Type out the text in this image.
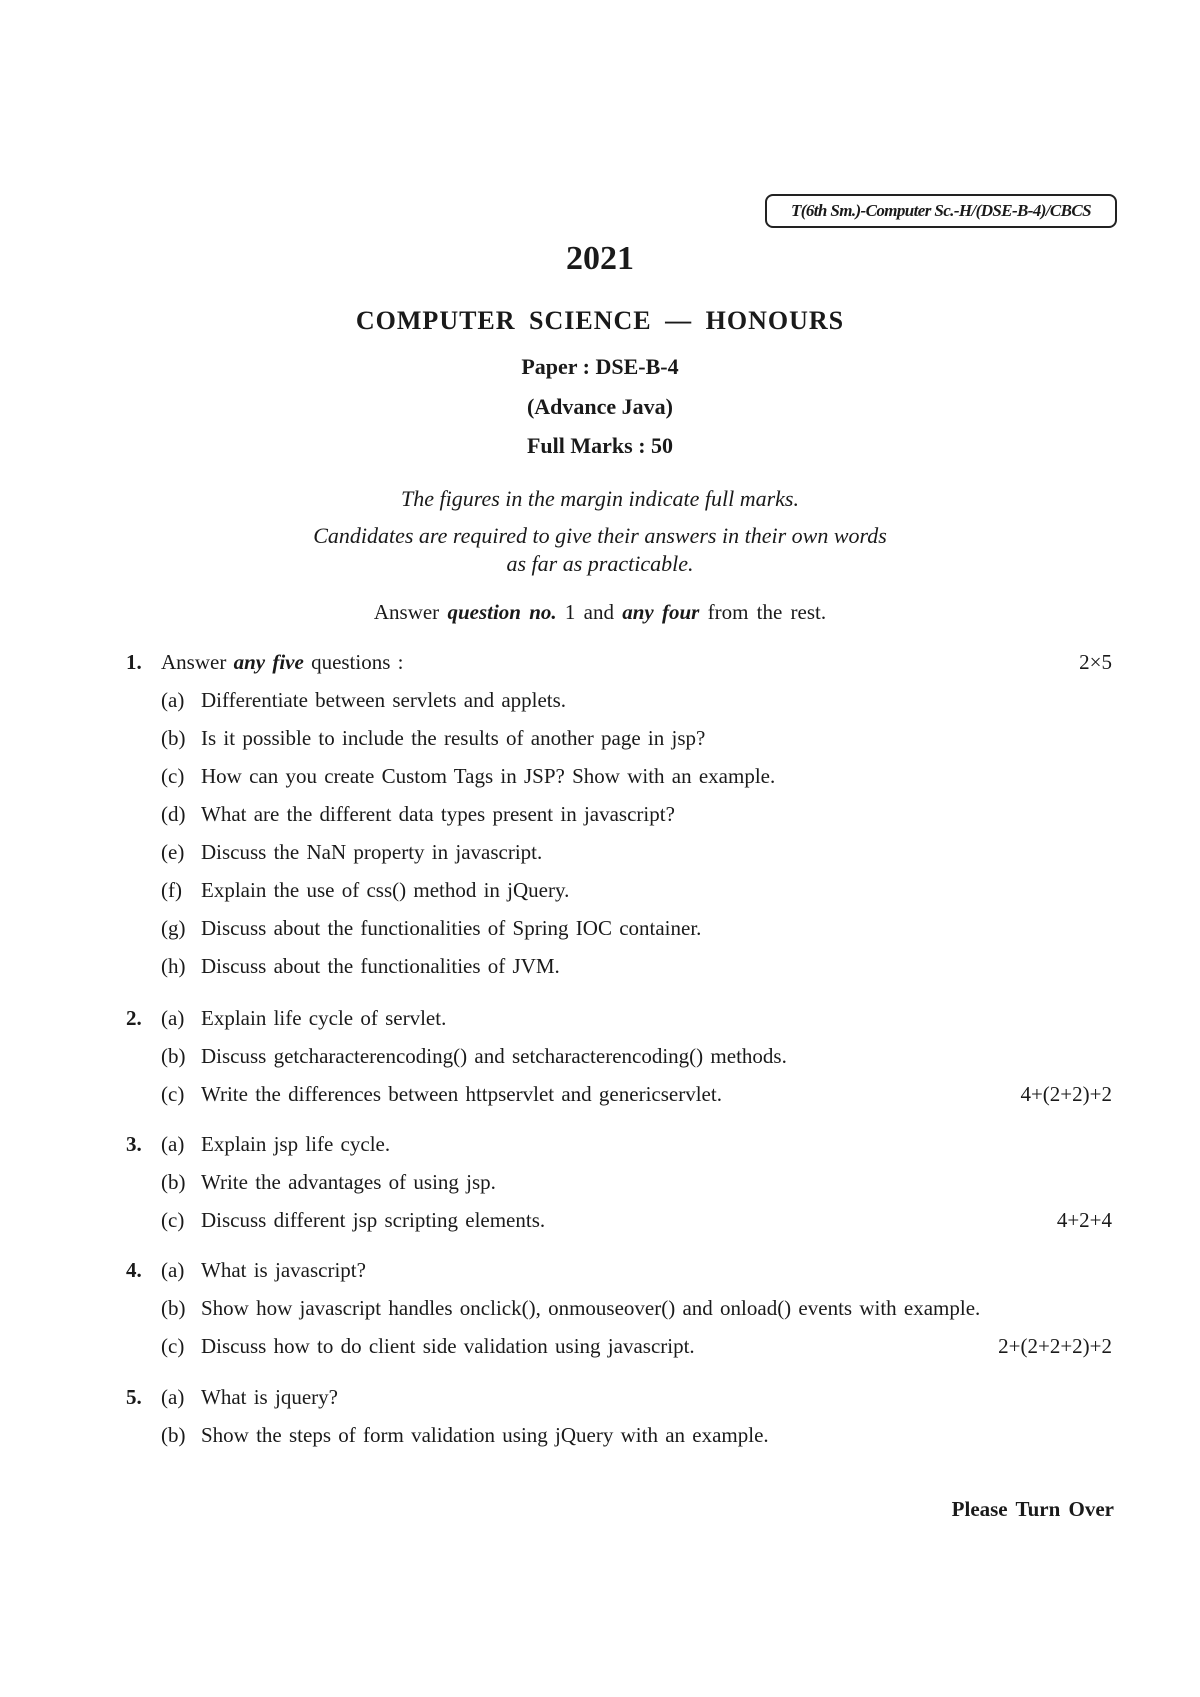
T(6th Sm.)-Computer Sc.-H/(DSE-B-4)/CBCS
2021
COMPUTER SCIENCE — HONOURS
Paper : DSE-B-4
(Advance Java)
Full Marks : 50
The figures in the margin indicate full marks.
Candidates are required to give their answers in their own words
as far as practicable.
Answer question no. 1 and any four from the rest.
1. Answer any five questions :	2×5
(a) Differentiate between servlets and applets.
(b) Is it possible to include the results of another page in jsp?
(c) How can you create Custom Tags in JSP? Show with an example.
(d) What are the different data types present in javascript?
(e) Discuss the NaN property in javascript.
(f) Explain the use of css() method in jQuery.
(g) Discuss about the functionalities of Spring IOC container.
(h) Discuss about the functionalities of JVM.
2. (a) Explain life cycle of servlet.
(b) Discuss getcharacterencoding() and setcharacterencoding() methods.
(c) Write the differences between httpservlet and genericservlet.	4+(2+2)+2
3. (a) Explain jsp life cycle.
(b) Write the advantages of using jsp.
(c) Discuss different jsp scripting elements.	4+2+4
4. (a) What is javascript?
(b) Show how javascript handles onclick(), onmouseover() and onload() events with example.
(c) Discuss how to do client side validation using javascript.	2+(2+2+2)+2
5. (a) What is jquery?
(b) Show the steps of form validation using jQuery with an example.
Please Turn Over
